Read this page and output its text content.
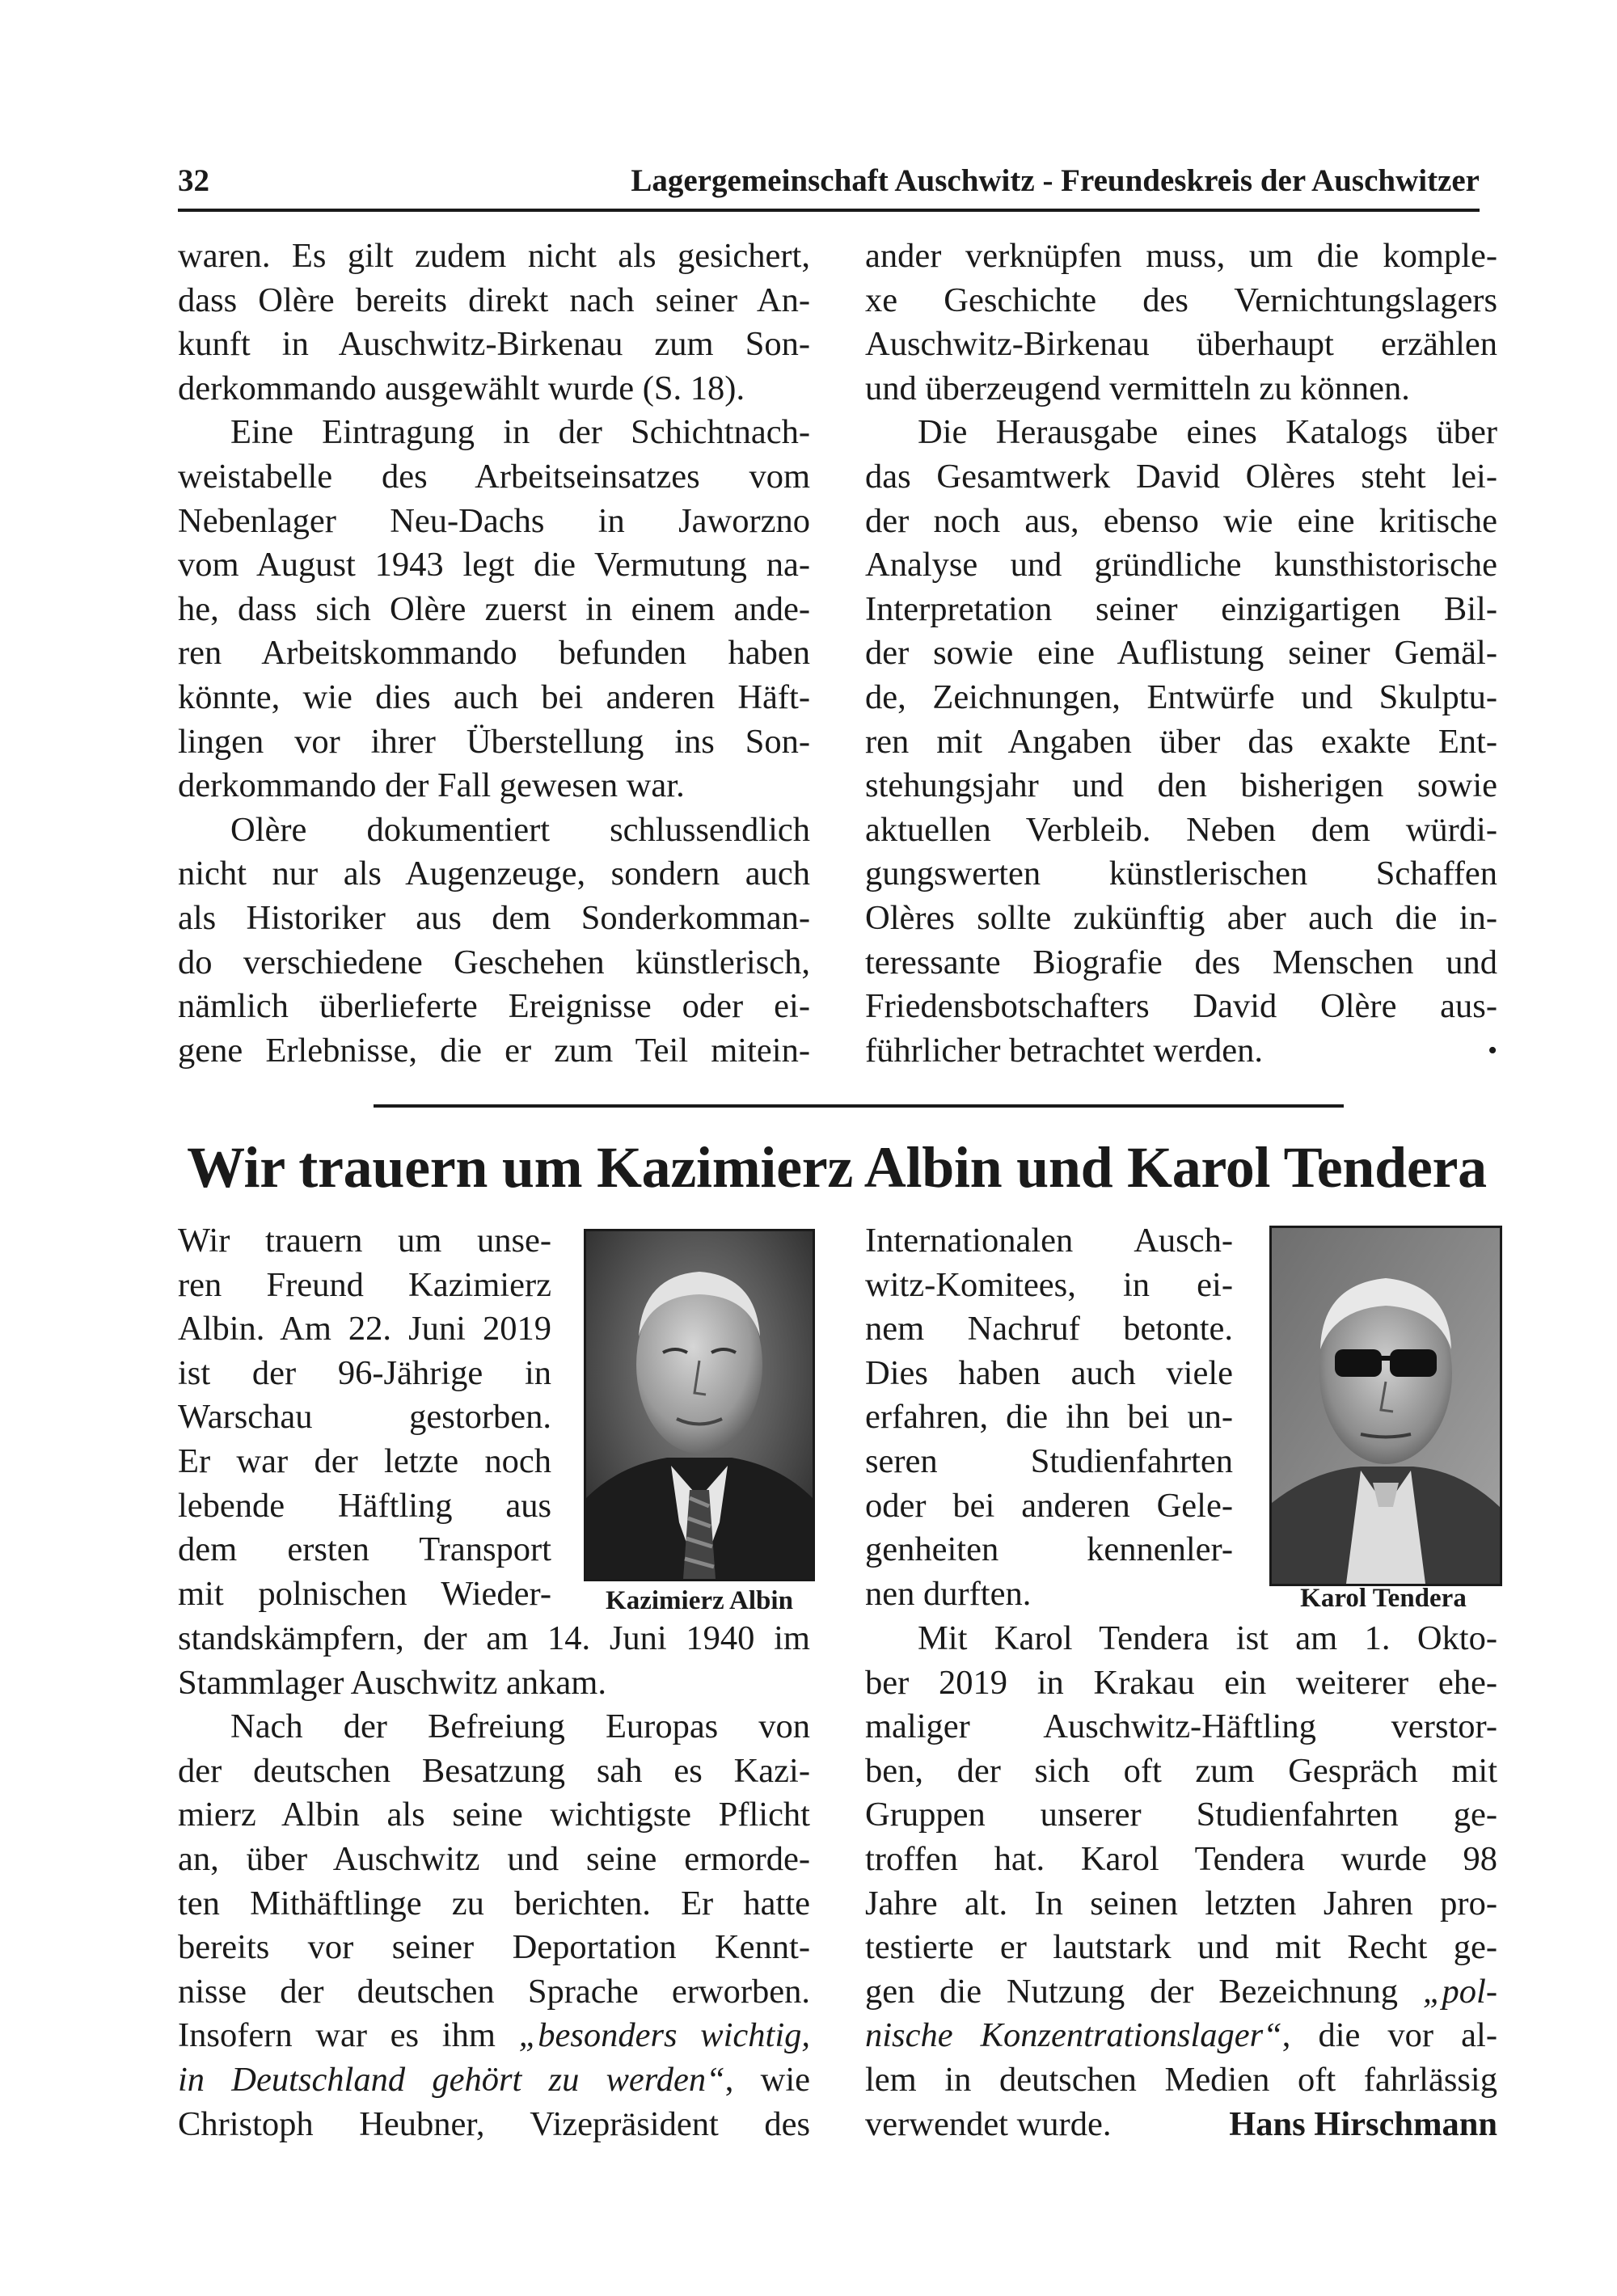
32	Lagergemeinschaft Auschwitz - Freundeskreis der Auschwitzer
waren. Es gilt zudem nicht als gesichert,
dass Olère bereits direkt nach seiner An-
kunft in Auschwitz-Birkenau zum Son-
derkommando ausgewählt wurde (S. 18).
Eine Eintragung in der Schichtnach-
weistabelle des Arbeitseinsatzes vom
Nebenlager Neu-Dachs in Jaworzno
vom August 1943 legt die Vermutung na-
he, dass sich Olère zuerst in einem ande-
ren Arbeitskommando befunden haben
könnte, wie dies auch bei anderen Häft-
lingen vor ihrer Überstellung ins Son-
derkommando der Fall gewesen war.
Olère dokumentiert schlussendlich
nicht nur als Augenzeuge, sondern auch
als Historiker aus dem Sonderkomman-
do verschiedene Geschehen künstlerisch,
nämlich überlieferte Ereignisse oder ei-
gene Erlebnisse, die er zum Teil mitein-
ander verknüpfen muss, um die komple-
xe Geschichte des Vernichtungslagers
Auschwitz-Birkenau überhaupt erzählen
und überzeugend vermitteln zu können.
Die Herausgabe eines Katalogs über
das Gesamtwerk David Olères steht lei-
der noch aus, ebenso wie eine kritische
Analyse und gründliche kunsthistorische
Interpretation seiner einzigartigen Bil-
der sowie eine Auflistung seiner Gemäl-
de, Zeichnungen, Entwürfe und Skulptu-
ren mit Angaben über das exakte Ent-
stehungsjahr und den bisherigen sowie
aktuellen Verbleib. Neben dem würdi-
gungswerten künstlerischen Schaffen
Olères sollte zukünftig aber auch die in-
teressante Biografie des Menschen und
Friedensbotschafters David Olère aus-
führlicher betrachtet werden.	•
Wir trauern um Kazimierz Albin und Karol Tendera
Wir trauern um unse-
ren Freund Kazimierz
Albin. Am 22. Juni 2019
ist der 96-Jährige in
Warschau gestorben.
Er war der letzte noch
lebende Häftling aus
dem ersten Transport
mit polnischen Wieder-	Kazimierz Albin
standskämpfern, der am 14. Juni 1940 im
Stammlager Auschwitz ankam.
Nach der Befreiung Europas von
der deutschen Besatzung sah es Kazi-
mierz Albin als seine wichtigste Pflicht
an, über Auschwitz und seine ermorde-
ten Mithäftlinge zu berichten. Er hatte
bereits vor seiner Deportation Kennt-
nisse der deutschen Sprache erworben.
Insofern war es ihm „besonders wichtig,
in Deutschland gehört zu werden“, wie
Christoph Heubner, Vizepräsident des
Internationalen Ausch-
witz-Komitees, in ei-
nem Nachruf betonte.
Dies haben auch viele
erfahren, die ihn bei un-
seren Studienfahrten
oder bei anderen Gele-
genheiten kennenler-
nen durften.	Karol Tendera
Mit Karol Tendera ist am 1. Okto-
ber 2019 in Krakau ein weiterer ehe-
maliger Auschwitz-Häftling verstor-
ben, der sich oft zum Gespräch mit
Gruppen unserer Studienfahrten ge-
troffen hat. Karol Tendera wurde 98
Jahre alt. In seinen letzten Jahren pro-
testierte er lautstark und mit Recht ge-
gen die Nutzung der Bezeichnung „pol-
nische Konzentrationslager“, die vor al-
lem in deutschen Medien oft fahrlässig
verwendet wurde.	Hans Hirschmann
